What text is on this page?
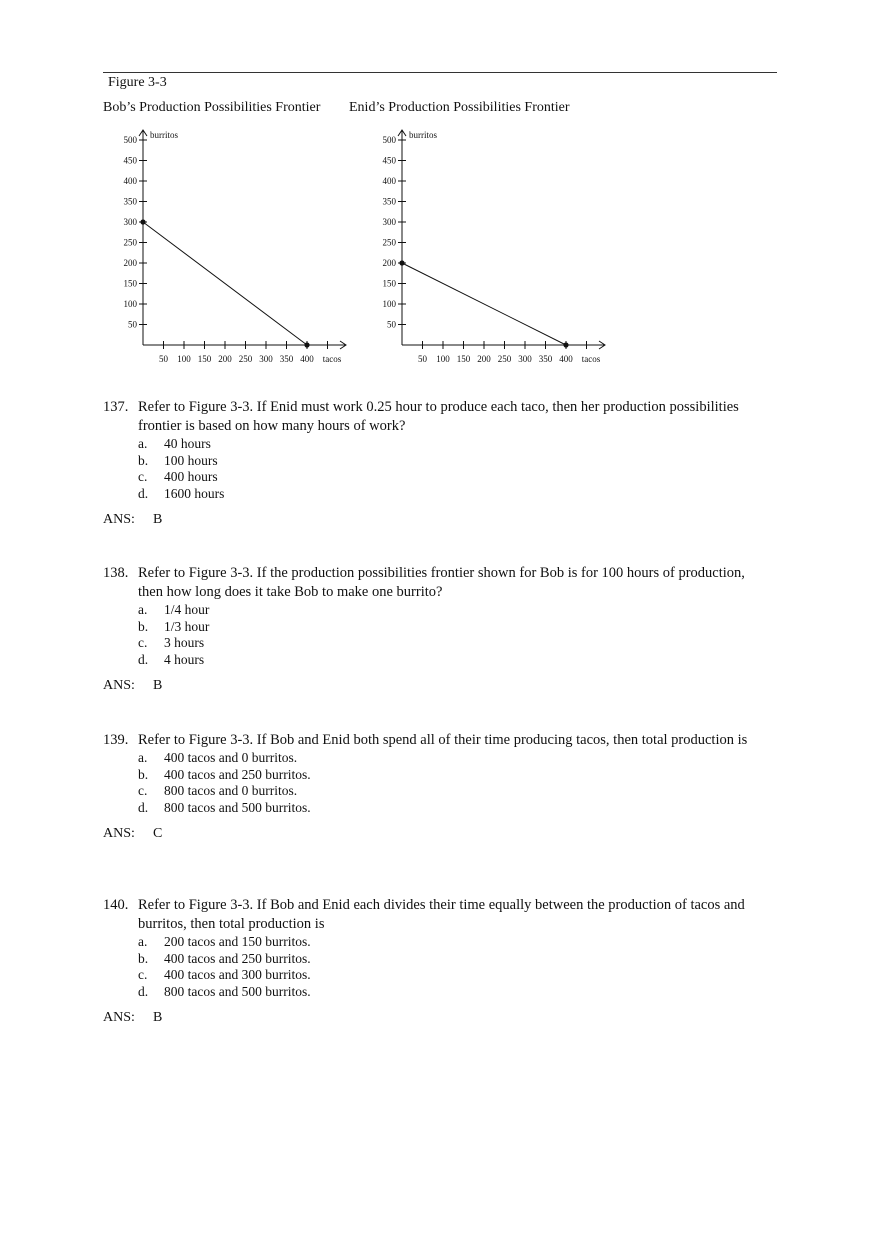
Figure 3-3
Bob’s Production Possibilities Frontier Enid’s Production Possibilities Frontier
50
100
150
200
250
300
350
400
450
500
50 100 150 200 250 300 350 400
burritos
tacos
50
100
150
200
250
300
350
400
450
500
50 100 150 200 250 300 350 400
burritos
tacos
137. Refer to Figure 3-3. If Enid must work 0.25 hour to produce each taco, then her production possibilities frontier is based on how many hours of work?
a.	40 hours
b.	100 hours
c.	400 hours
d.	1600 hours
ANS: B
138. Refer to Figure 3-3. If the production possibilities frontier shown for Bob is for 100 hours of production, then how long does it take Bob to make one burrito?
a.	1/4 hour
b.	1/3 hour
c.	3 hours
d.	4 hours
ANS: B
139. Refer to Figure 3-3. If Bob and Enid both spend all of their time producing tacos, then total production is
a.	400 tacos and 0 burritos.
b.	400 tacos and 250 burritos.
c.	800 tacos and 0 burritos.
d.	800 tacos and 500 burritos.
ANS: C
140. Refer to Figure 3-3. If Bob and Enid each divides their time equally between the production of tacos and burritos, then total production is
a.	200 tacos and 150 burritos.
b.	400 tacos and 250 burritos.
c.	400 tacos and 300 burritos.
d.	800 tacos and 500 burritos.
ANS: B
